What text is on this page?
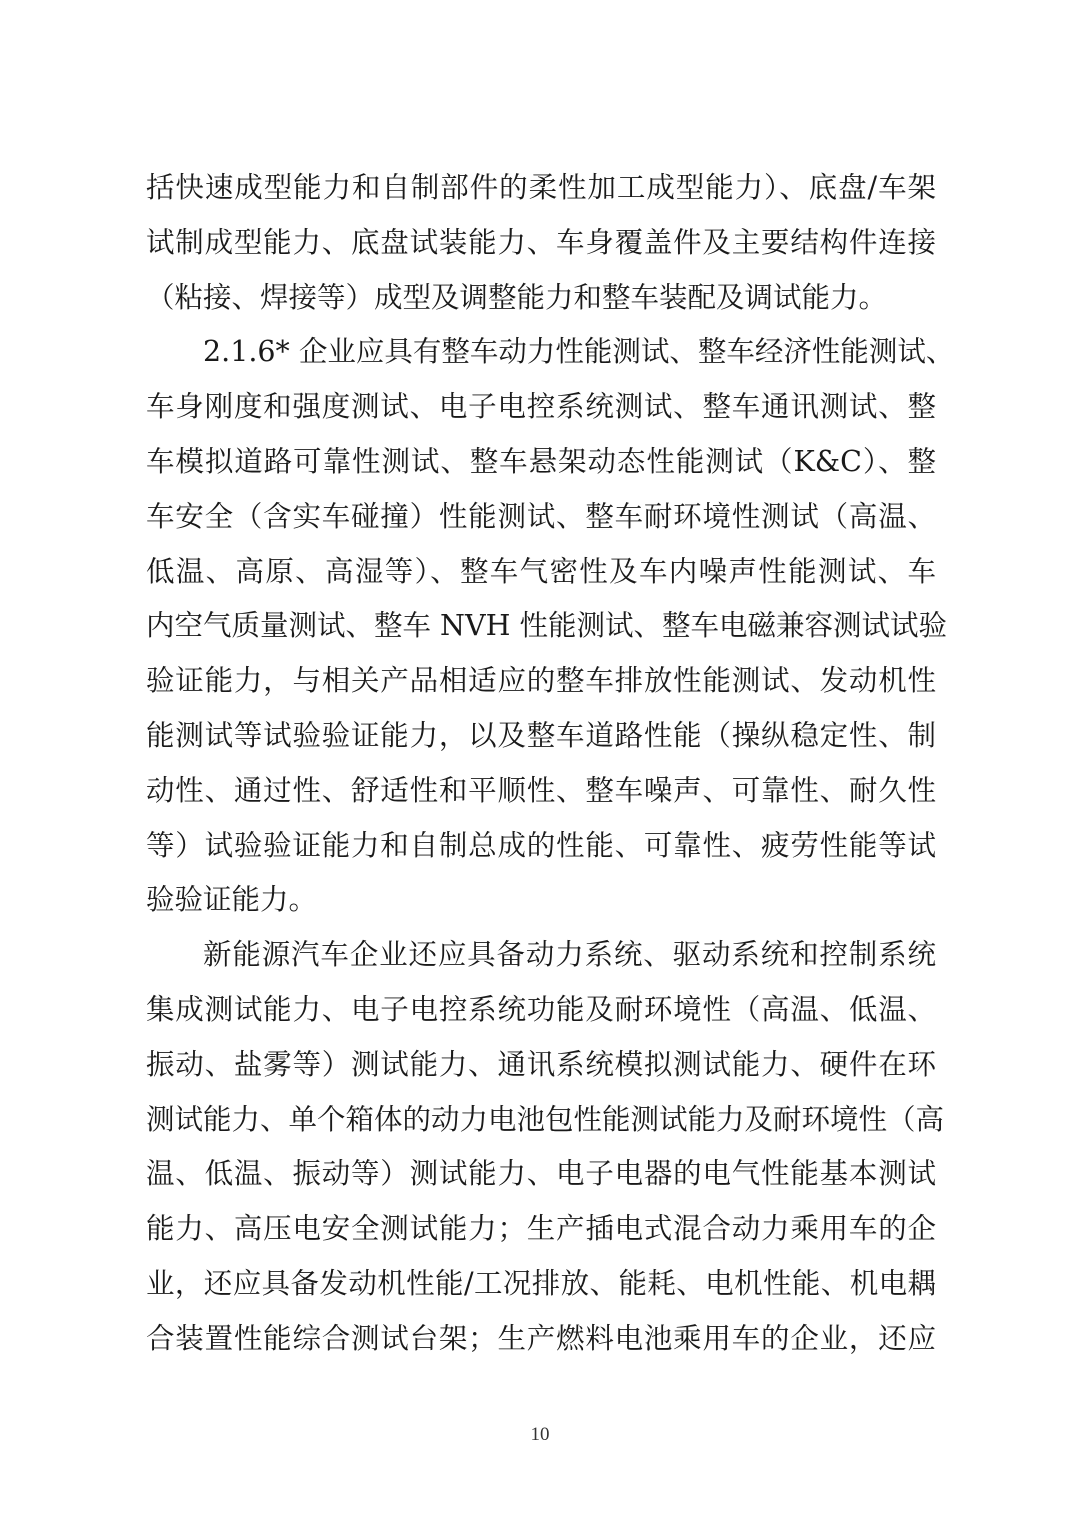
括快速成型能力和自制部件的柔性加工成型能力）、底盘/车架
试制成型能力、底盘试装能力、车身覆盖件及主要结构件连接
（粘接、焊接等）成型及调整能力和整车装配及调试能力。
2.1.6* 企业应具有整车动力性能测试、整车经济性能测试、
车身刚度和强度测试、电子电控系统测试、整车通讯测试、整
车模拟道路可靠性测试、整车悬架动态性能测试（K&C）、整
车安全（含实车碰撞）性能测试、整车耐环境性测试（高温、
低温、高原、高湿等）、整车气密性及车内噪声性能测试、车
内空气质量测试、整车 NVH 性能测试、整车电磁兼容测试试验
验证能力，与相关产品相适应的整车排放性能测试、发动机性
能测试等试验验证能力，以及整车道路性能（操纵稳定性、制
动性、通过性、舒适性和平顺性、整车噪声、可靠性、耐久性
等）试验验证能力和自制总成的性能、可靠性、疲劳性能等试
验验证能力。
新能源汽车企业还应具备动力系统、驱动系统和控制系统
集成测试能力、电子电控系统功能及耐环境性（高温、低温、
振动、盐雾等）测试能力、通讯系统模拟测试能力、硬件在环
测试能力、单个箱体的动力电池包性能测试能力及耐环境性（高
温、低温、振动等）测试能力、电子电器的电气性能基本测试
能力、高压电安全测试能力；生产插电式混合动力乘用车的企
业，还应具备发动机性能/工况排放、能耗、电机性能、机电耦
合装置性能综合测试台架；生产燃料电池乘用车的企业，还应
10
